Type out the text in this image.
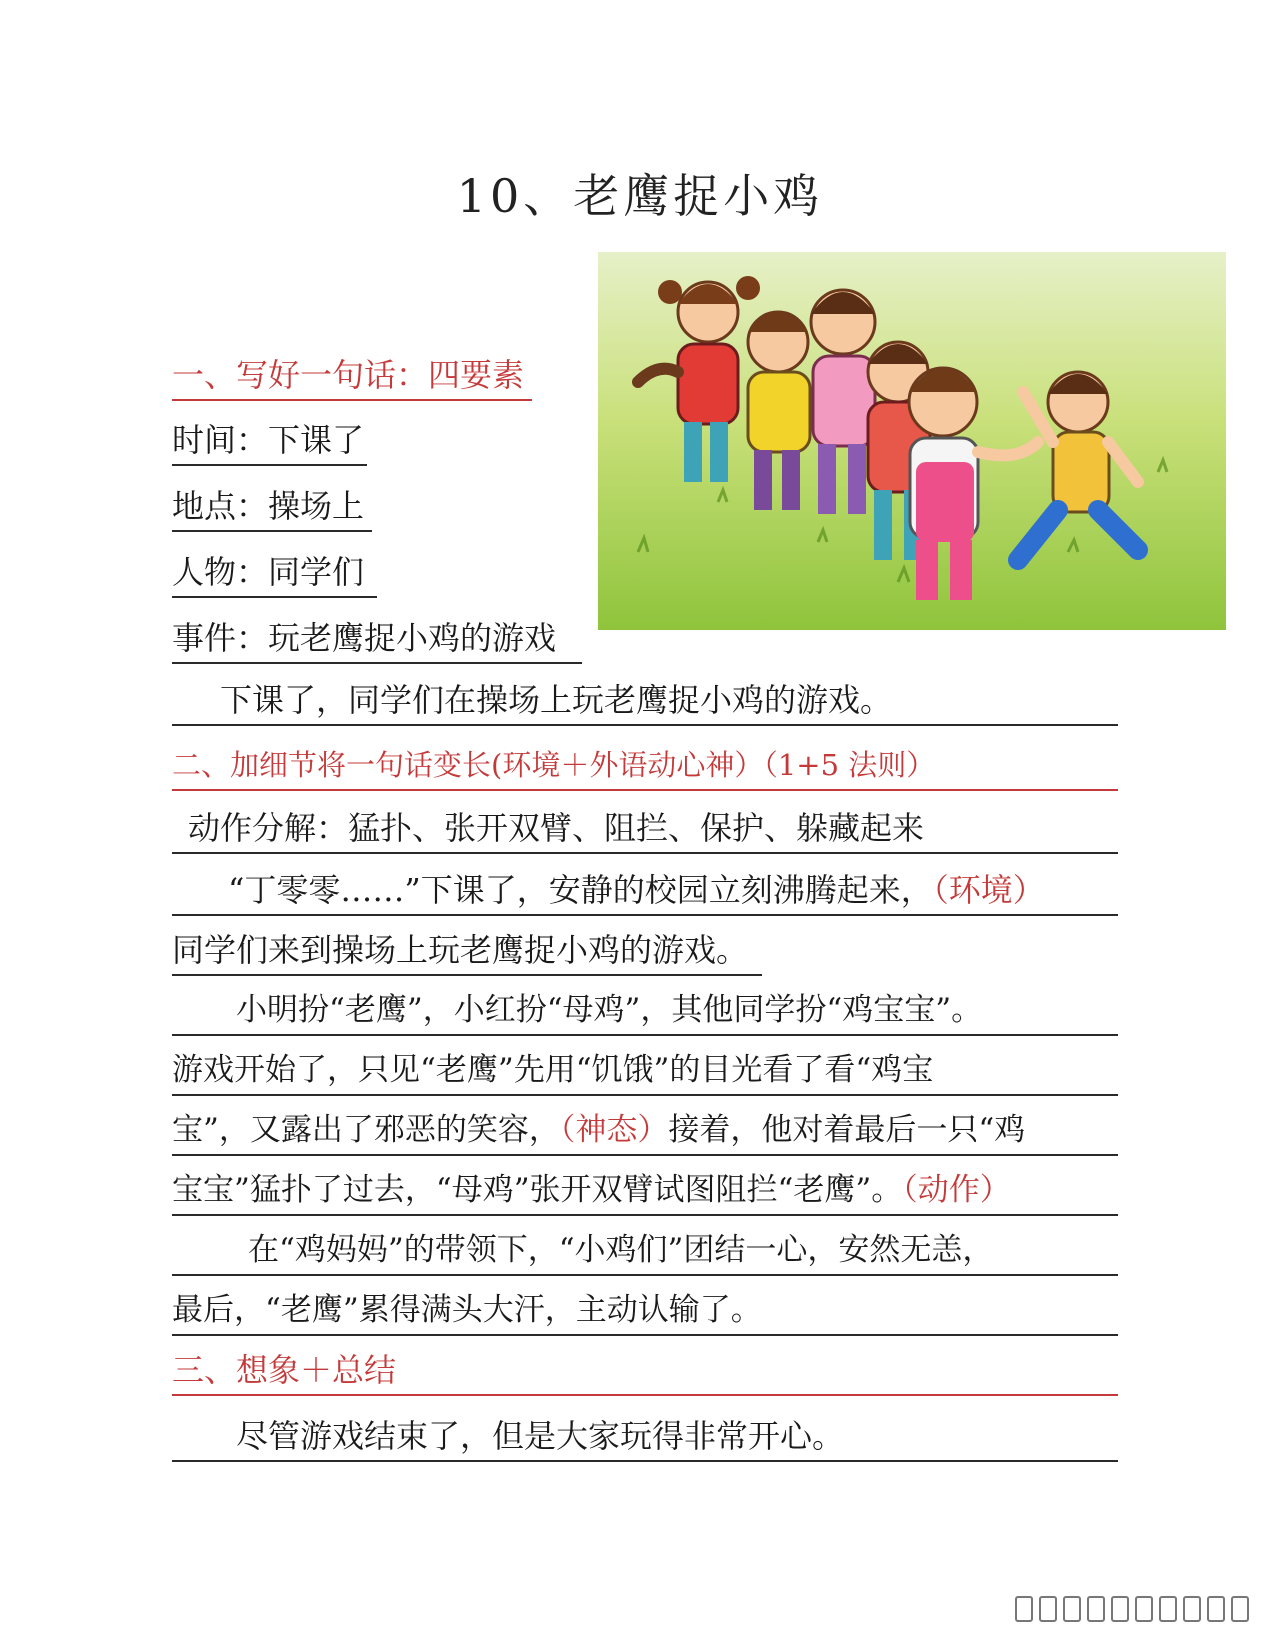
10、老鹰捉小鸡
一、写好一句话：四要素
时间：下课了
地点：操场上
人物：同学们
事件：玩老鹰捉小鸡的游戏
下课了，同学们在操场上玩老鹰捉小鸡的游戏。
二、加细节将一句话变长(环境＋外语动心神）（1+5 法则）
动作分解：猛扑、张开双臂、阻拦、保护、躲藏起来
“丁零零……”下课了，安静的校园立刻沸腾起来，（环境）
同学们来到操场上玩老鹰捉小鸡的游戏。
小明扮“老鹰”，小红扮“母鸡”，其他同学扮“鸡宝宝”。
游戏开始了，只见“老鹰”先用“饥饿”的目光看了看“鸡宝
宝”，又露出了邪恶的笑容，（神态）接着，他对着最后一只“鸡
宝宝”猛扑了过去，“母鸡”张开双臂试图阻拦“老鹰”。（动作）
在“鸡妈妈”的带领下，“小鸡们”团结一心，安然无恙，
最后，“老鹰”累得满头大汗，主动认输了。
三、想象＋总结
尽管游戏结束了，但是大家玩得非常开心。
